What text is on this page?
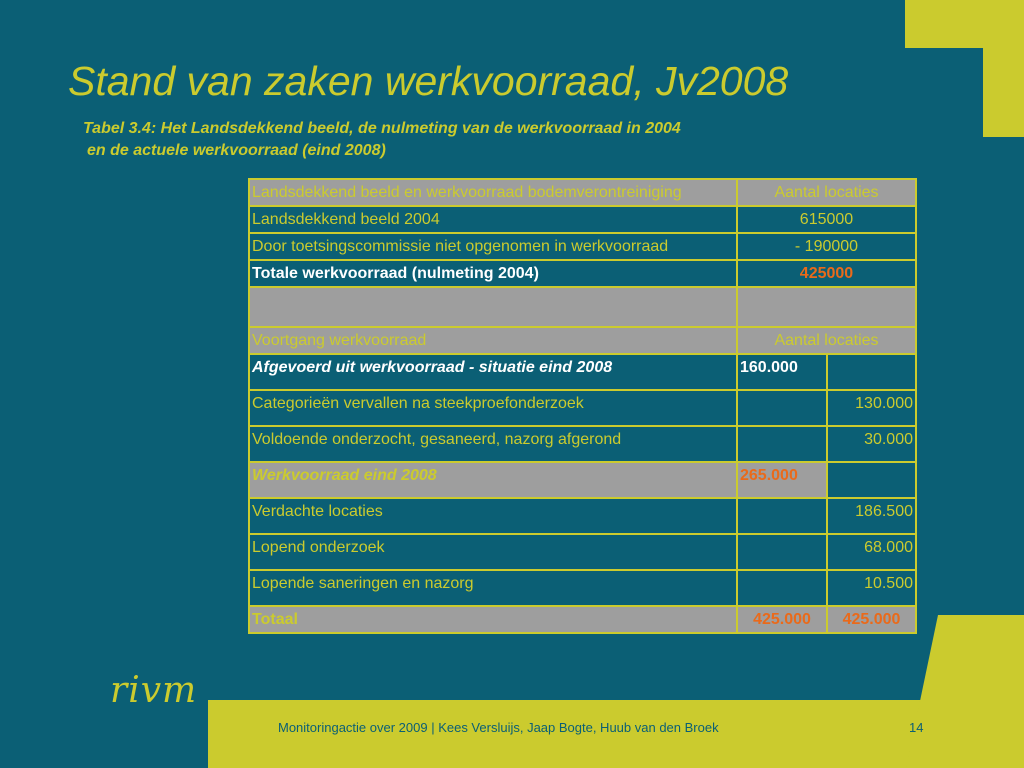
Stand van zaken werkvoorraad, Jv2008
Tabel 3.4: Het Landsdekkend beeld, de nulmeting van de werkvoorraad in 2004
en de actuele werkvoorraad (eind 2008)
rivm
Landsdekkend beeld en werkvoorraad bodemverontreiniging	Aantal locaties	
Landsdekkend beeld 2004	615000	
Door toetsingscommissie niet opgenomen in werkvoorraad	- 190000	
Totale werkvoorraad (nulmeting 2004)	425000	

Voortgang werkvoorraad	Aantal locaties	
Afgevoerd uit werkvoorraad - situatie eind 2008	160.000	
Categorieën vervallen na steekproefonderzoek		130.000
Voldoende onderzocht, gesaneerd, nazorg afgerond		30.000
Werkvoorraad eind 2008	265.000	
Verdachte locaties		186.500
Lopend onderzoek		68.000
Lopende saneringen en nazorg		10.500
Totaal	425.000	425.000
Monitoringactie over 2009 | Kees Versluijs, Jaap Bogte, Huub van den Broek	14
